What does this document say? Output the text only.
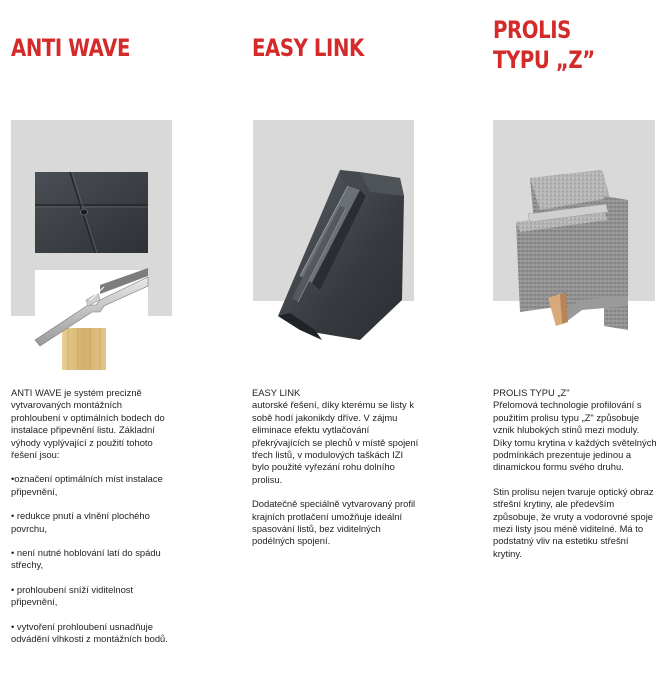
ANTI WAVE	EASY LINK
PROLIS
TYPU „Z”

ANTI WAVE je systém precizně vytvarovaných montážních prohloubení v optimálních bodech do instalace připevnění listu. Základní výhody vyplývající z použití tohoto řešení jsou:

•označení optimálních míst instalace připevnění,

• redukce pnutí a vlnění plochého povrchu,

• není nutné hoblování latí do spádu střechy,

• prohloubení sníží viditelnost připevnění,

• vytvoření prohloubení usnadňuje odvádění vlhkosti z montážních bodů.

EASY LINK

autorské řešení, díky kterému se listy k sobě hodí jakonikdy dříve. V zájmu eliminace efektu vytlačování překrývajících se plechů v místě spojení třech listů, v modulových taškách IZI bylo použité vyřezání rohu dolního prolisu.

Dodatečně speciálně vytvarovaný profil krajních protlačení umožňuje ideální spasování listů, bez viditelných podélných spojení.

PROLIS TYPU „Z"

Přelomová technologie profilování s použitím prolisu typu „Z" způsobuje vznik hlubokých stínů mezi moduly. Díky tomu krytina v každých světelných podmínkách prezentuje jedinou a dinamickou formu svého druhu.

Stin prolisu nejen tvaruje optický obraz střešní krytiny, ale především způsobuje, že vruty a vodorovné spoje mezi listy jsou méně viditelné. Má to podstatný vliv na estetiku střešní krytiny.
